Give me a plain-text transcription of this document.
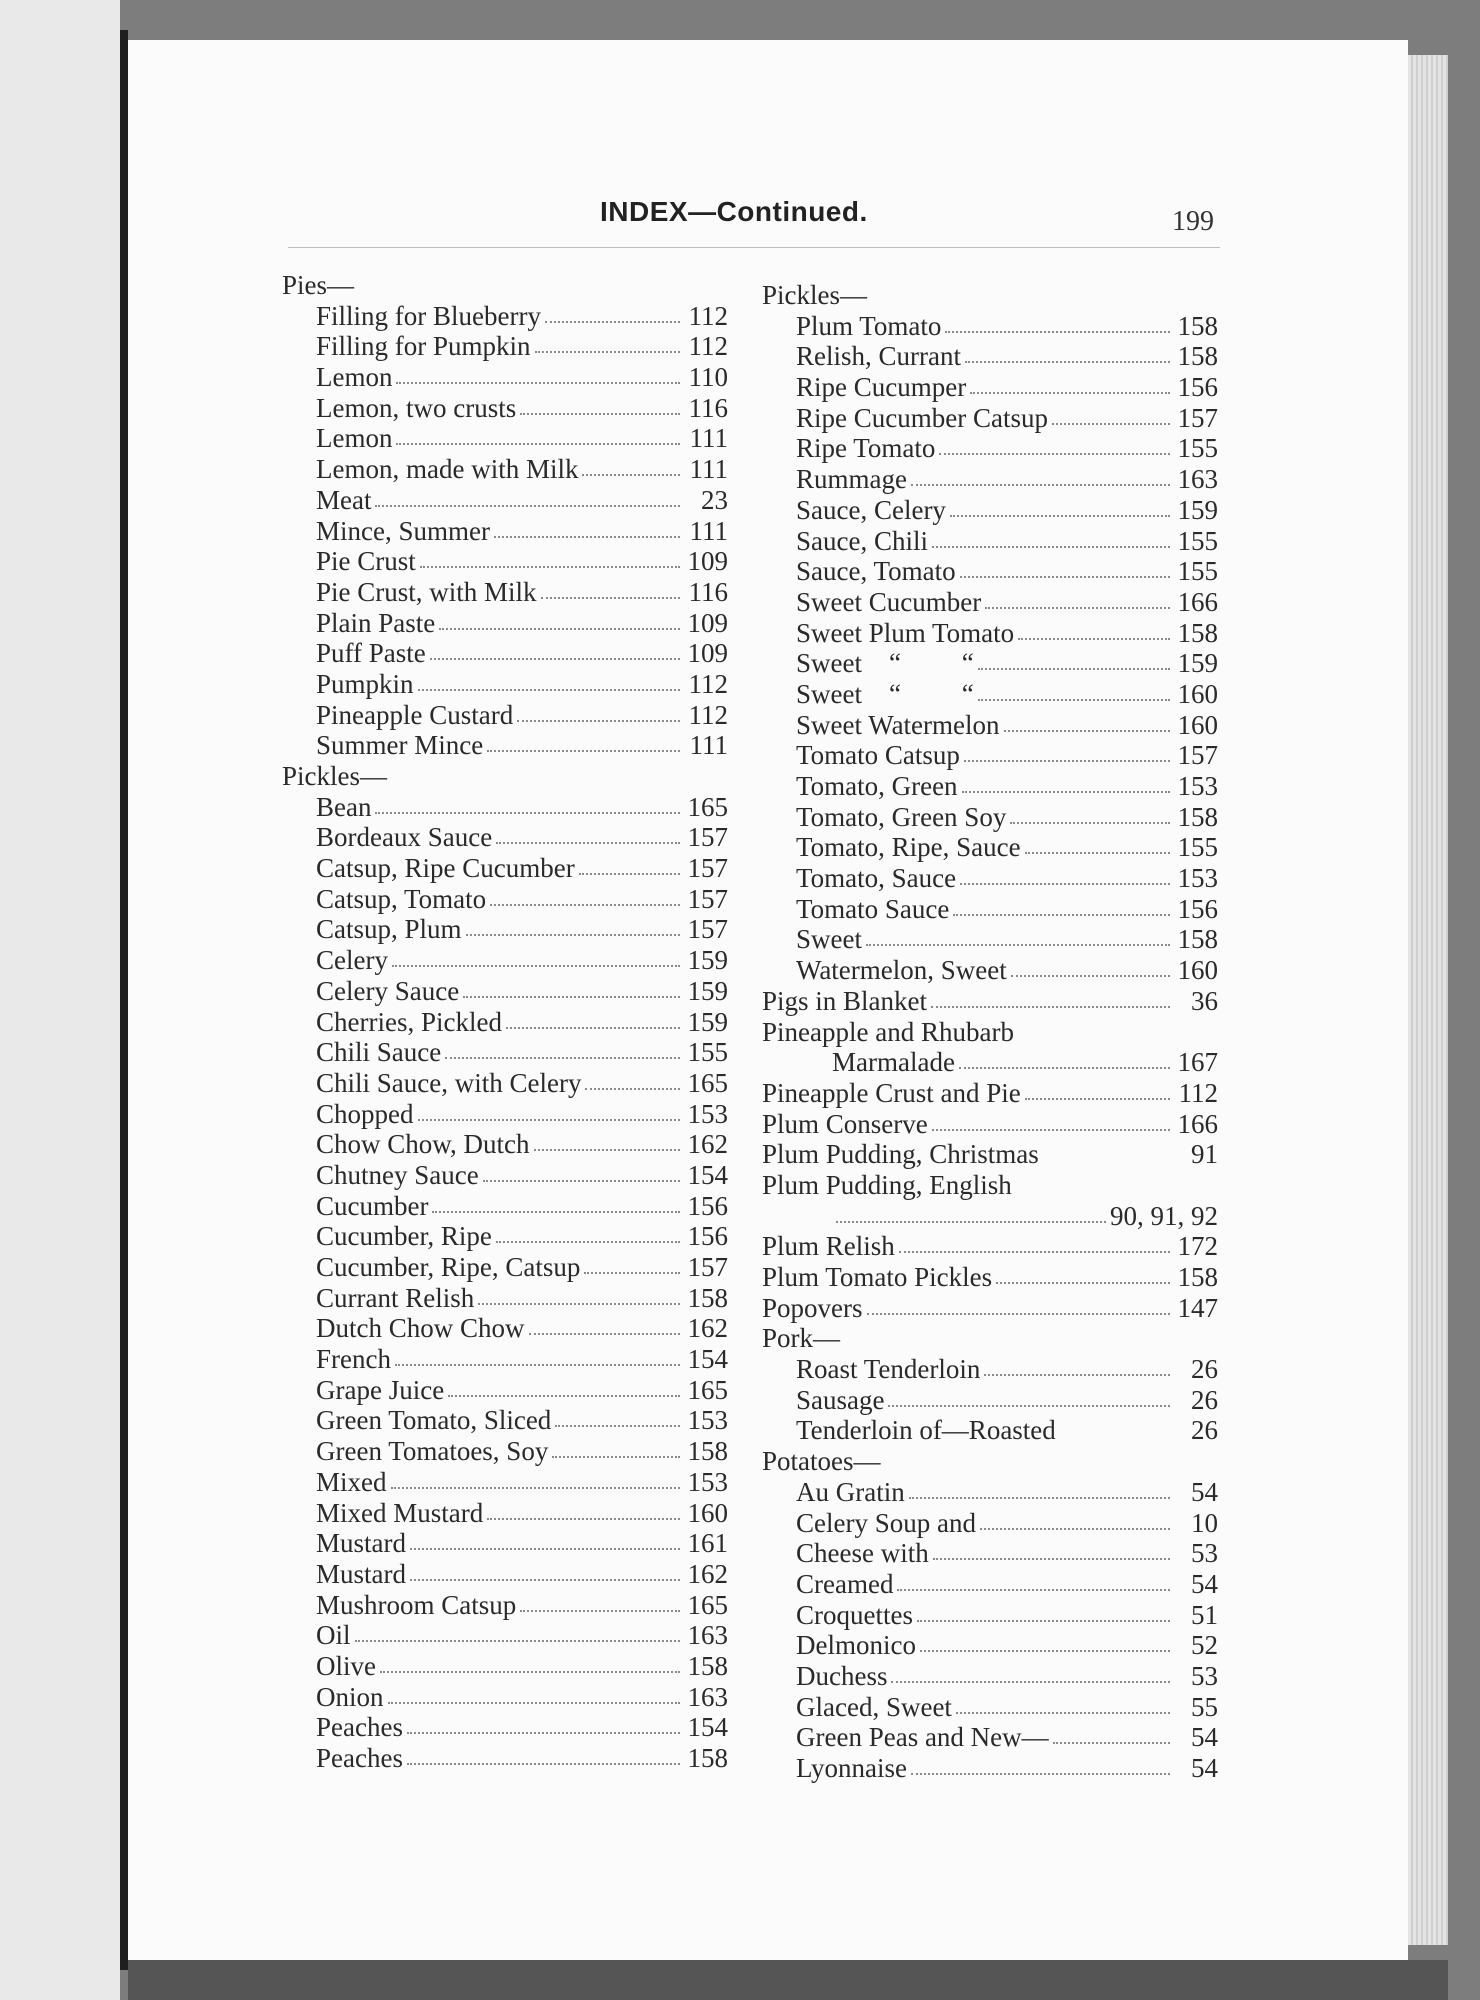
INDEX—Continued.	199
Pies—
Filling for Blueberry	112
Filling for Pumpkin	112
Lemon	110
Lemon, two crusts	116
Lemon	111
Lemon, made with Milk	111
Meat	23
Mince, Summer	111
Pie Crust	109
Pie Crust, with Milk	116
Plain Paste	109
Puff Paste	109
Pumpkin	112
Pineapple Custard	112
Summer Mince	111
Pickles—
Bean	165
Bordeaux Sauce	157
Catsup, Ripe Cucumber	157
Catsup, Tomato	157
Catsup, Plum	157
Celery	159
Celery Sauce	159
Cherries, Pickled	159
Chili Sauce	155
Chili Sauce, with Celery	165
Chopped	153
Chow Chow, Dutch	162
Chutney Sauce	154
Cucumber	156
Cucumber, Ripe	156
Cucumber, Ripe, Catsup	157
Currant Relish	158
Dutch Chow Chow	162
French	154
Grape Juice	165
Green Tomato, Sliced	153
Green Tomatoes, Soy	158
Mixed	153
Mixed Mustard	160
Mustard	161
Mustard	162
Mushroom Catsup	165
Oil	163
Olive	158
Onion	163
Peaches	154
Peaches	158
Pickles—
Plum Tomato	158
Relish, Currant	158
Ripe Cucumper	156
Ripe Cucumber Catsup	157
Ripe Tomato	155
Rummage	163
Sauce, Celery	159
Sauce, Chili	155
Sauce, Tomato	155
Sweet Cucumber	166
Sweet Plum Tomato	158
Sweet    “         “	159
Sweet    “         “	160
Sweet Watermelon	160
Tomato Catsup	157
Tomato, Green	153
Tomato, Green Soy	158
Tomato, Ripe, Sauce	155
Tomato, Sauce	153
Tomato Sauce	156
Sweet	158
Watermelon, Sweet	160
Pigs in Blanket	36
Pineapple and Rhubarb
Marmalade	167
Pineapple Crust and Pie	112
Plum Conserve	166
Plum Pudding, Christmas	91
Plum Pudding, English
90, 91, 92
Plum Relish	172
Plum Tomato Pickles	158
Popovers	147
Pork—
Roast Tenderloin	26
Sausage	26
Tenderloin of—Roasted	26
Potatoes—
Au Gratin	54
Celery Soup and	10
Cheese with	53
Creamed	54
Croquettes	51
Delmonico	52
Duchess	53
Glaced, Sweet	55
Green Peas and New—	54
Lyonnaise	54
